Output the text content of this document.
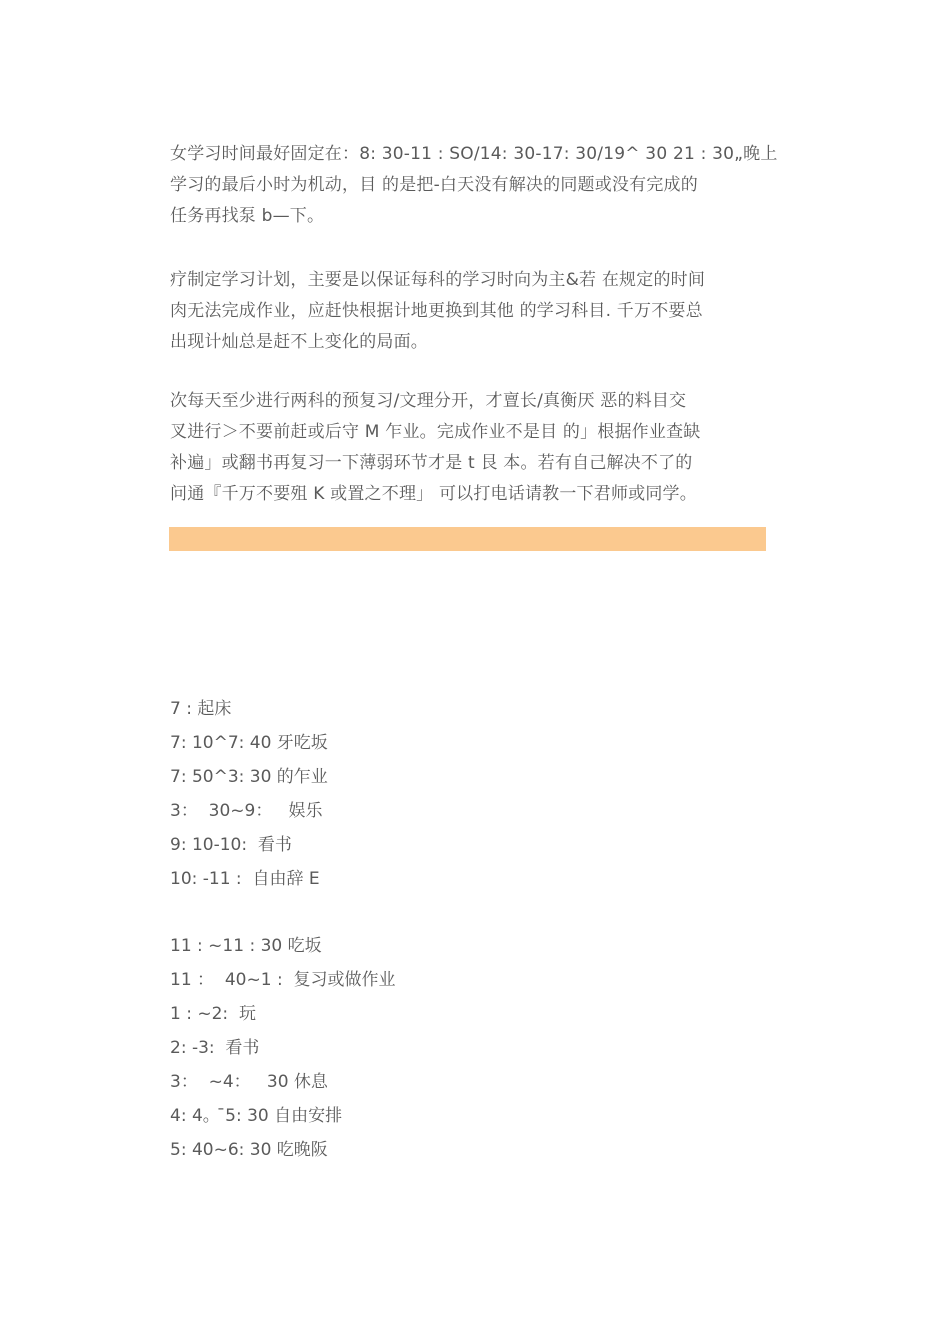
女学习时间最好固定在：8: 30-11 : SO/14: 30-17: 30/19^ 30 21 : 30„晚上
学习的最后小时为机动，目 的是把-白天没有解决的同题或没有完成的
任务再找泵 b—下。

疗制定学习计划，主要是以保证每科的学习时向为主&若 在规定的时间
肉无法完成作业，应赶快根据计地更换到其他 的学习科目. 千万不要总
出现计灿总是赶不上变化的局面。

次每天至少进行两科的预复习/文理分开，才亶长/真衡厌 恶的料目交
叉进行＞不要前赶或后守 M 乍业。完成作业不是目 的」根据作业查缺
补遍」或翻书再复习一下薄弱环节才是 t 艮 本。若有自己解决不了的
问通『千万不要殂 K 或置之不理」 可以打电话请教一下君师或同学。

7 : 起床
7: 10^7: 40 牙吃坂
7: 50^3: 30 的乍业
3：  30~9：   娱乐
9: 10-10:  看书
10: -11 :  自由辞 E
11 : ~11 : 30 吃坂
11 ：  40~1 :  复习或做作业
1 : ~2:  玩
2: -3:  看书
3：  ~4：   30 休息
4: 4。 ̄5: 30 自由安排
5: 40~6: 30 吃晚阪
